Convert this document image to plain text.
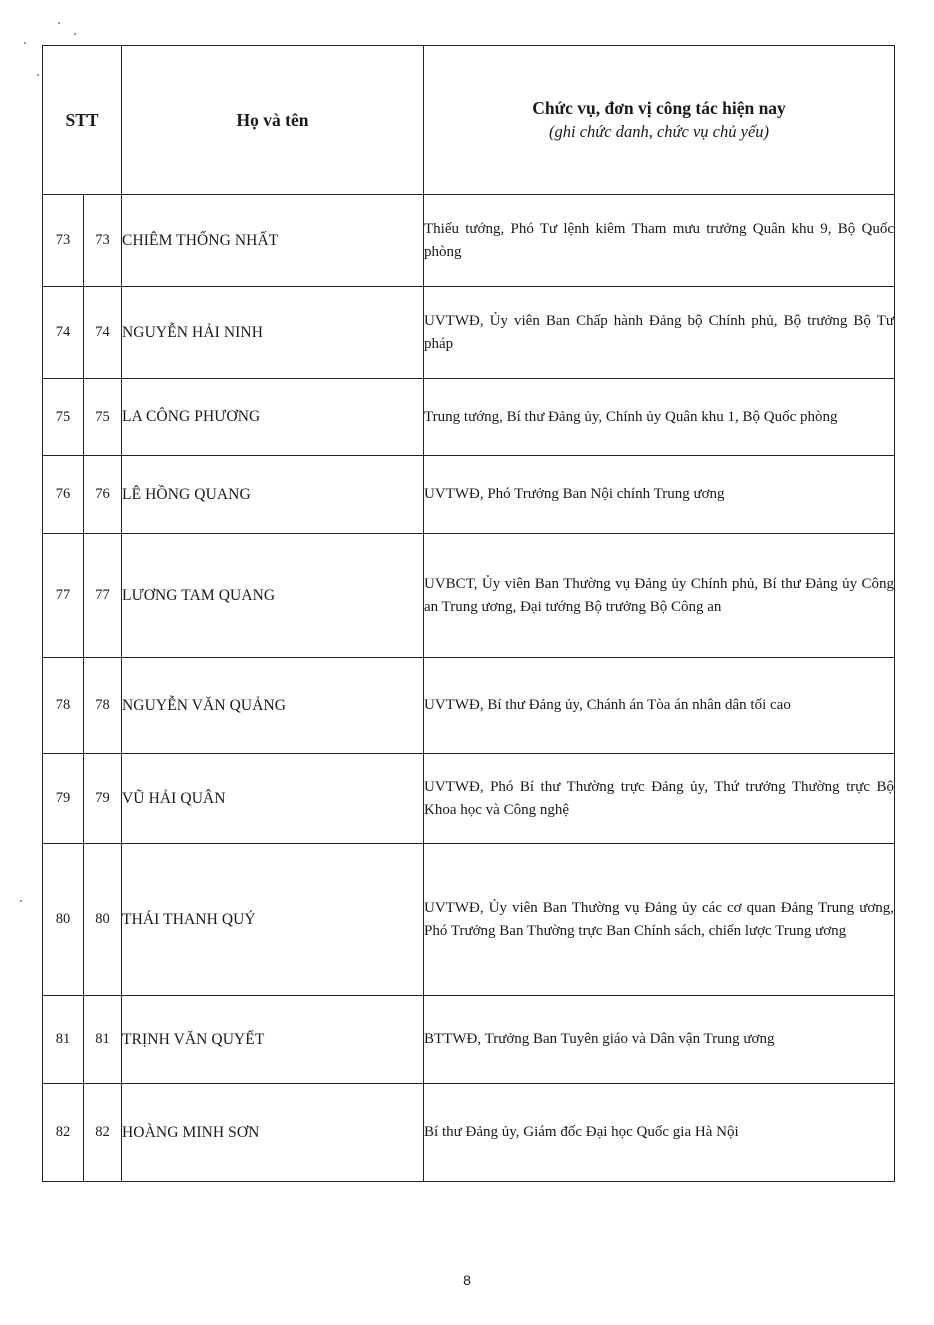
STT		Họ và tên	Chức vụ, đơn vị công tác hiện nay
(ghi chức danh, chức vụ chủ yếu)

73	73	CHIÊM THỐNG NHẤT	Thiếu tướng, Phó Tư lệnh kiêm Tham mưu trưởng Quân khu 9, Bộ Quốc phòng
74	74	NGUYỄN HẢI NINH	UVTWĐ, Ủy viên Ban Chấp hành Đảng bộ Chính phủ, Bộ trưởng Bộ Tư pháp
75	75	LA CÔNG PHƯƠNG	Trung tướng, Bí thư Đảng ủy, Chính ủy Quân khu 1, Bộ Quốc phòng
76	76	LÊ HỒNG QUANG	UVTWĐ, Phó Trưởng Ban Nội chính Trung ương
77	77	LƯƠNG TAM QUANG	UVBCT, Ủy viên Ban Thường vụ Đảng ủy Chính phủ, Bí thư Đảng ủy Công an Trung ương, Đại tướng Bộ trưởng Bộ Công an
78	78	NGUYỄN VĂN QUẢNG	UVTWĐ, Bí thư Đảng ủy, Chánh án Tòa án nhân dân tối cao
79	79	VŨ HẢI QUÂN	UVTWĐ, Phó Bí thư Thường trực Đảng ủy, Thứ trưởng Thường trực Bộ Khoa học và Công nghệ
80	80	THÁI THANH QUÝ	UVTWĐ, Ủy viên Ban Thường vụ Đảng ủy các cơ quan Đảng Trung ương, Phó Trưởng Ban Thường trực Ban Chính sách, chiến lược Trung ương
81	81	TRỊNH VĂN QUYẾT	BTTWĐ, Trưởng Ban Tuyên giáo và Dân vận Trung ương
82	82	HOÀNG MINH SƠN	Bí thư Đảng ủy, Giám đốc Đại học Quốc gia Hà Nội
8
